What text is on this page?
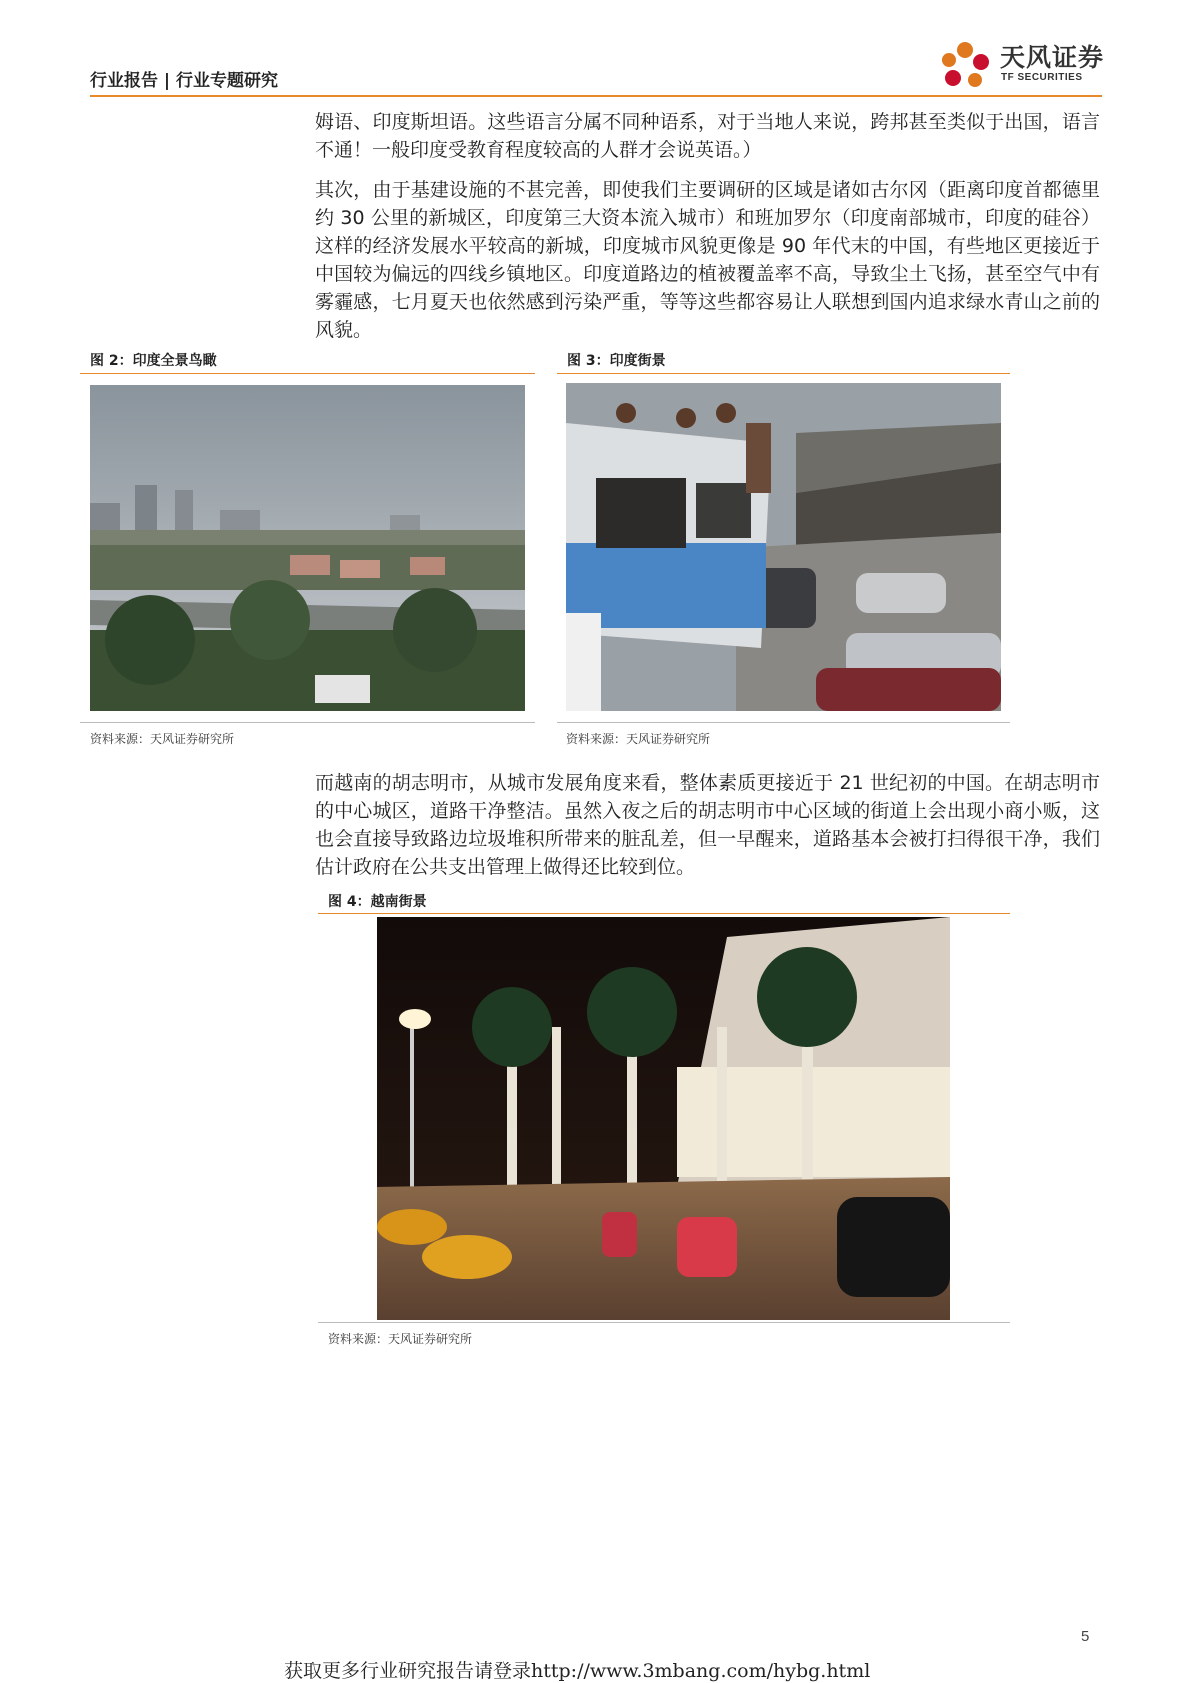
行业报告 | 行业专题研究
天风证券
TF SECURITIES

姆语、印度斯坦语。这些语言分属不同种语系，对于当地人来说，跨邦甚至类似于出国，语言不通！一般印度受教育程度较高的人群才会说英语。）

其次，由于基建设施的不甚完善，即使我们主要调研的区域是诸如古尔冈（距离印度首都德里约 30 公里的新城区，印度第三大资本流入城市）和班加罗尔（印度南部城市，印度的硅谷）这样的经济发展水平较高的新城，印度城市风貌更像是 90 年代末的中国，有些地区更接近于中国较为偏远的四线乡镇地区。印度道路边的植被覆盖率不高，导致尘土飞扬，甚至空气中有雾霾感，七月夏天也依然感到污染严重，等等这些都容易让人联想到国内追求绿水青山之前的风貌。

图 2：印度全景鸟瞰
资料来源：天风证券研究所
图 3：印度街景
资料来源：天风证券研究所

而越南的胡志明市，从城市发展角度来看，整体素质更接近于 21 世纪初的中国。在胡志明市的中心城区，道路干净整洁。虽然入夜之后的胡志明市中心区域的街道上会出现小商小贩，这也会直接导致路边垃圾堆积所带来的脏乱差，但一早醒来，道路基本会被打扫得很干净，我们估计政府在公共支出管理上做得还比较到位。

图 4：越南街景
资料来源：天风证券研究所
5
获取更多行业研究报告请登录http://www.3mbang.com/hybg.html
